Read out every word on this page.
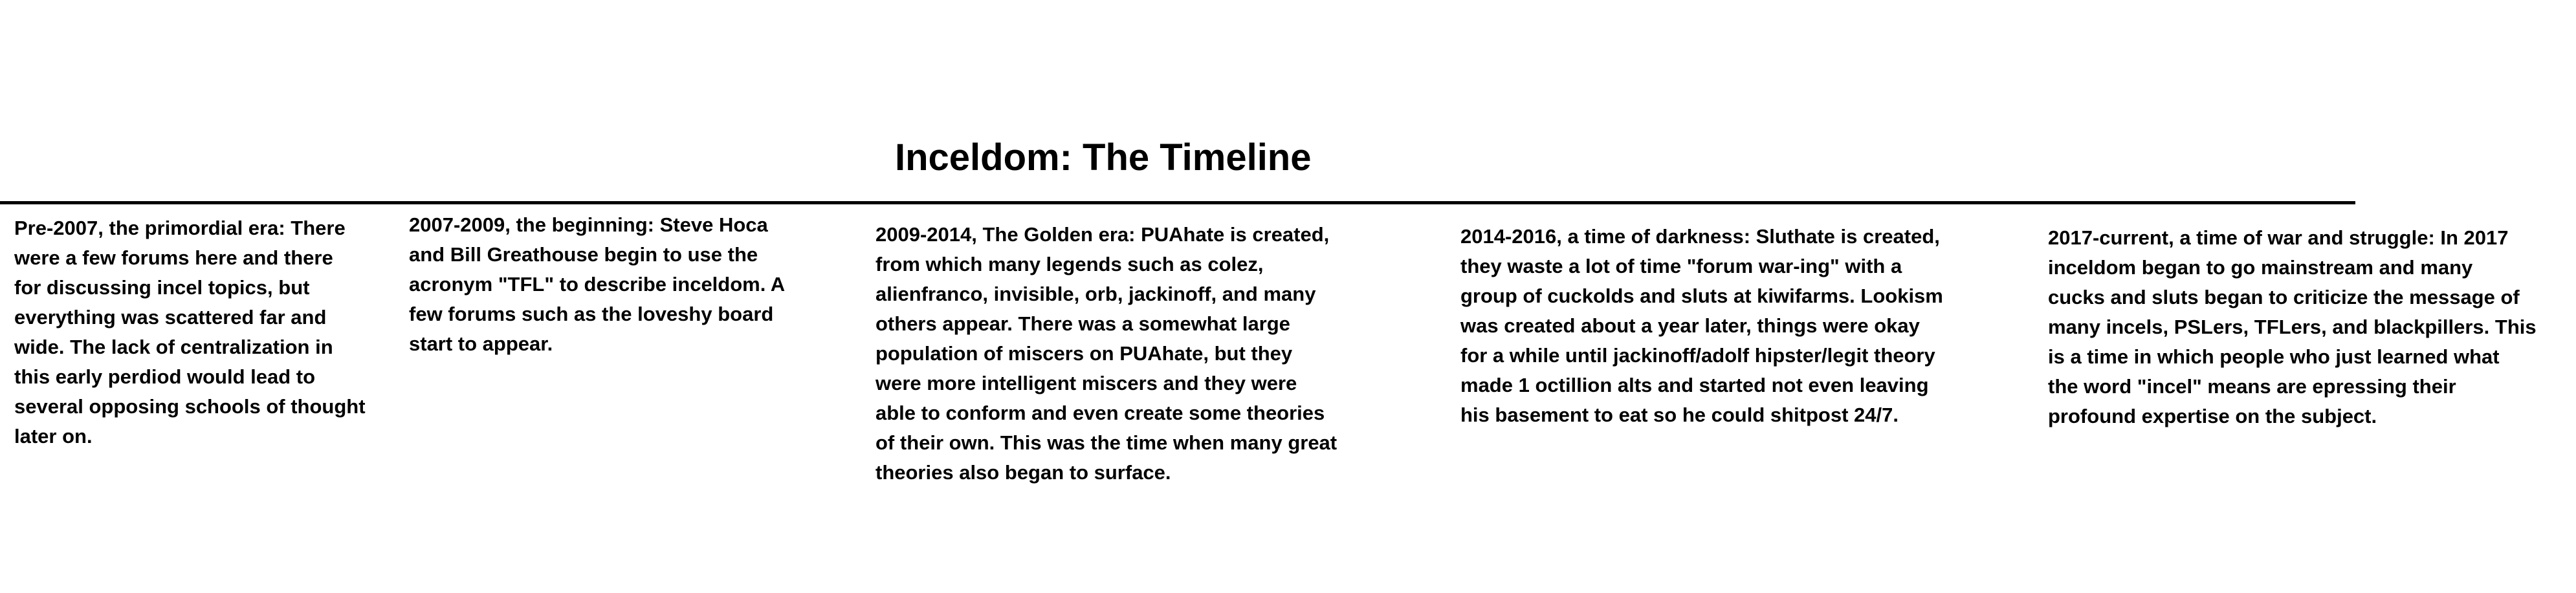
Inceldom: The Timeline

Pre-2007, the primordial era: There
were a few forums here and there
for discussing incel topics, but
everything was scattered far and
wide. The lack of centralization in
this early perdiod would lead to
several opposing schools of thought
later on.

2007-2009, the beginning: Steve Hoca
and Bill Greathouse begin to use the
acronym "TFL" to describe inceldom. A
few forums such as the loveshy board
start to appear.

2009-2014, The Golden era: PUAhate is created,
from which many legends such as colez,
alienfranco, invisible, orb, jackinoff, and many
others appear. There was a somewhat large
population of miscers on PUAhate, but they
were more intelligent miscers and they were
able to conform and even create some theories
of their own. This was the time when many great
theories also began to surface.

2014-2016, a time of darkness: Sluthate is created,
they waste a lot of time "forum war-ing" with a
group of cuckolds and sluts at kiwifarms. Lookism
was created about a year later, things were okay
for a while until jackinoff/adolf hipster/legit theory
made 1 octillion alts and started not even leaving
his basement to eat so he could shitpost 24/7.

2017-current, a time of war and struggle: In 2017
inceldom began to go mainstream and many
cucks and sluts began to criticize the message of
many incels, PSLers, TFLers, and blackpillers. This
is a time in which people who just learned what
the word "incel" means are epressing their
profound expertise on the subject.
